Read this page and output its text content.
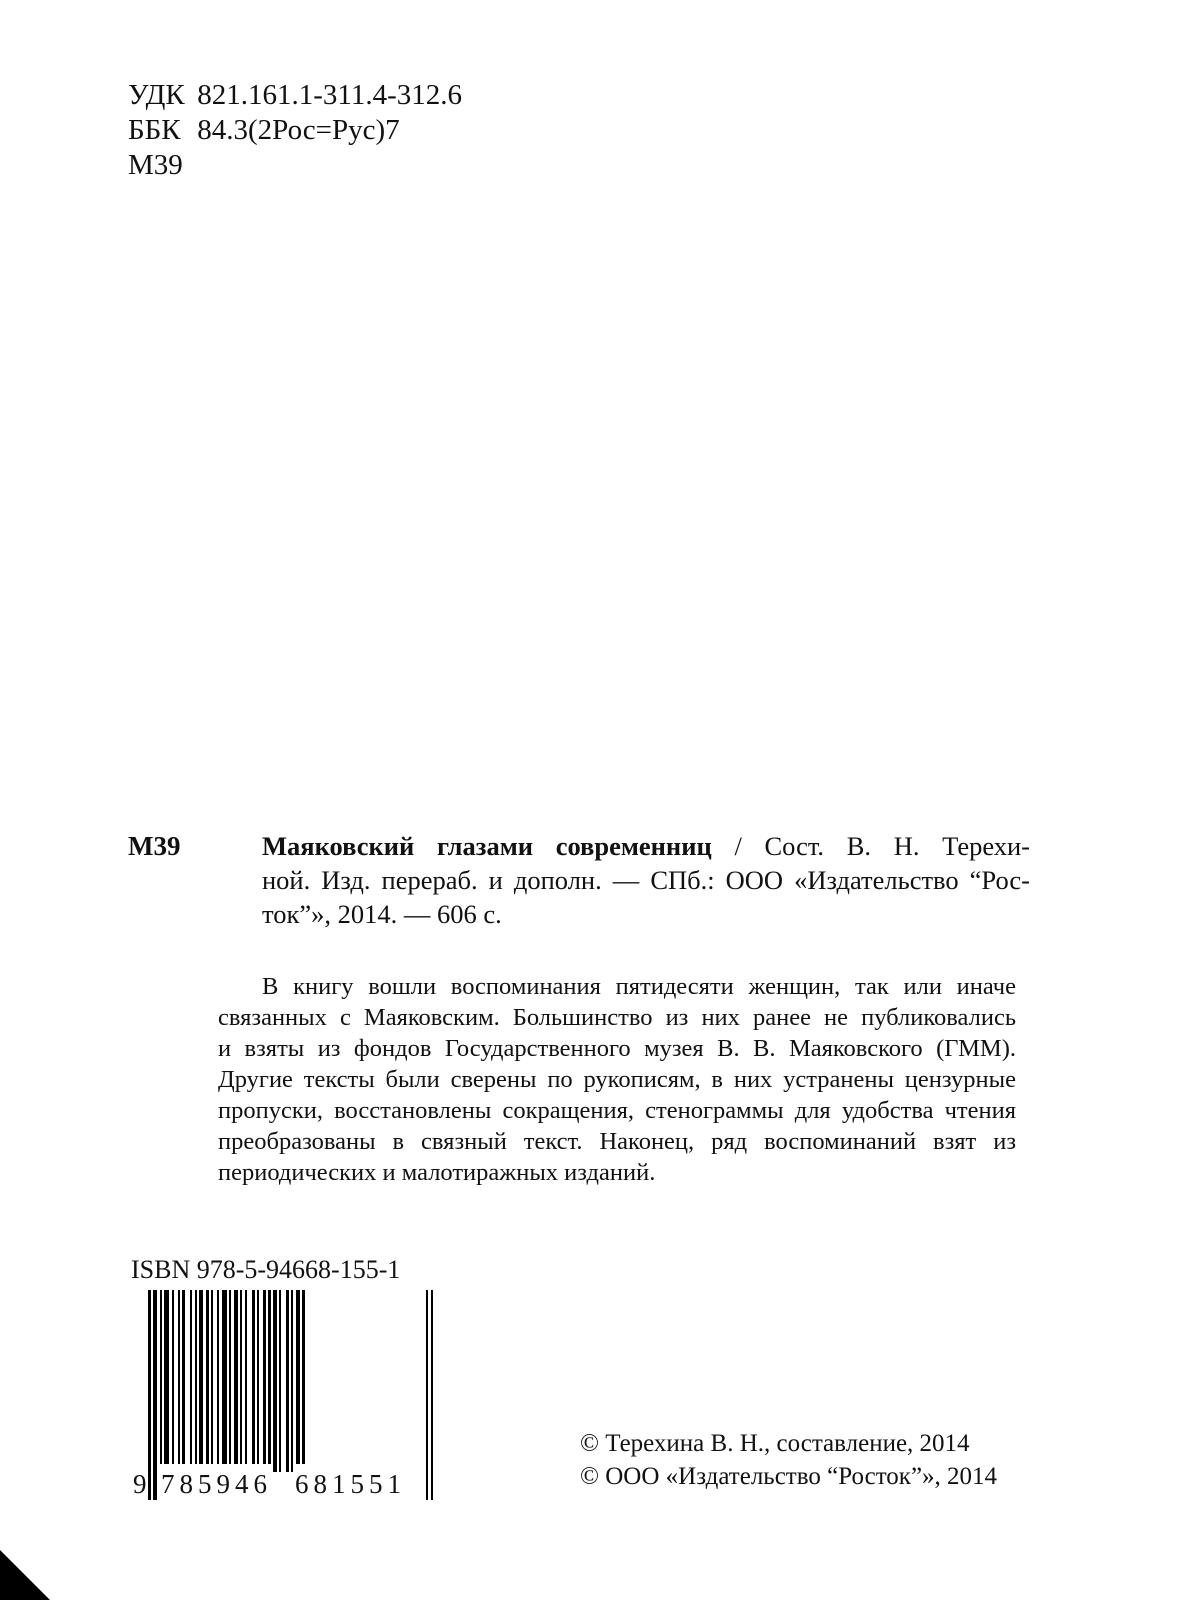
УДК 821.161.1-311.4-312.6
ББК 84.3(2Рос=Рус)7
М39
М39	Маяковский глазами современниц / Сост. В. Н. Терехи-
ной. Изд. перераб. и дополн. — СПб.: ООО «Издательство “Рос-
ток”», 2014. — 606 с.
В книгу вошли воспоминания пятидесяти женщин, так или иначе
связанных с Маяковским. Большинство из них ранее не публиковались
и взяты из фондов Государственного музея В. В. Маяковского (ГММ).
Другие тексты были сверены по рукописям, в них устранены цензурные
пропуски, восстановлены сокращения, стенограммы для удобства чтения
преобразованы в связный текст. Наконец, ряд воспоминаний взят из
периодических и малотиражных изданий.
ISBN 978-5-94668-155-1
9 785946 681551
© Терехина В. Н., составление, 2014
© ООО «Издательство “Росток”», 2014
